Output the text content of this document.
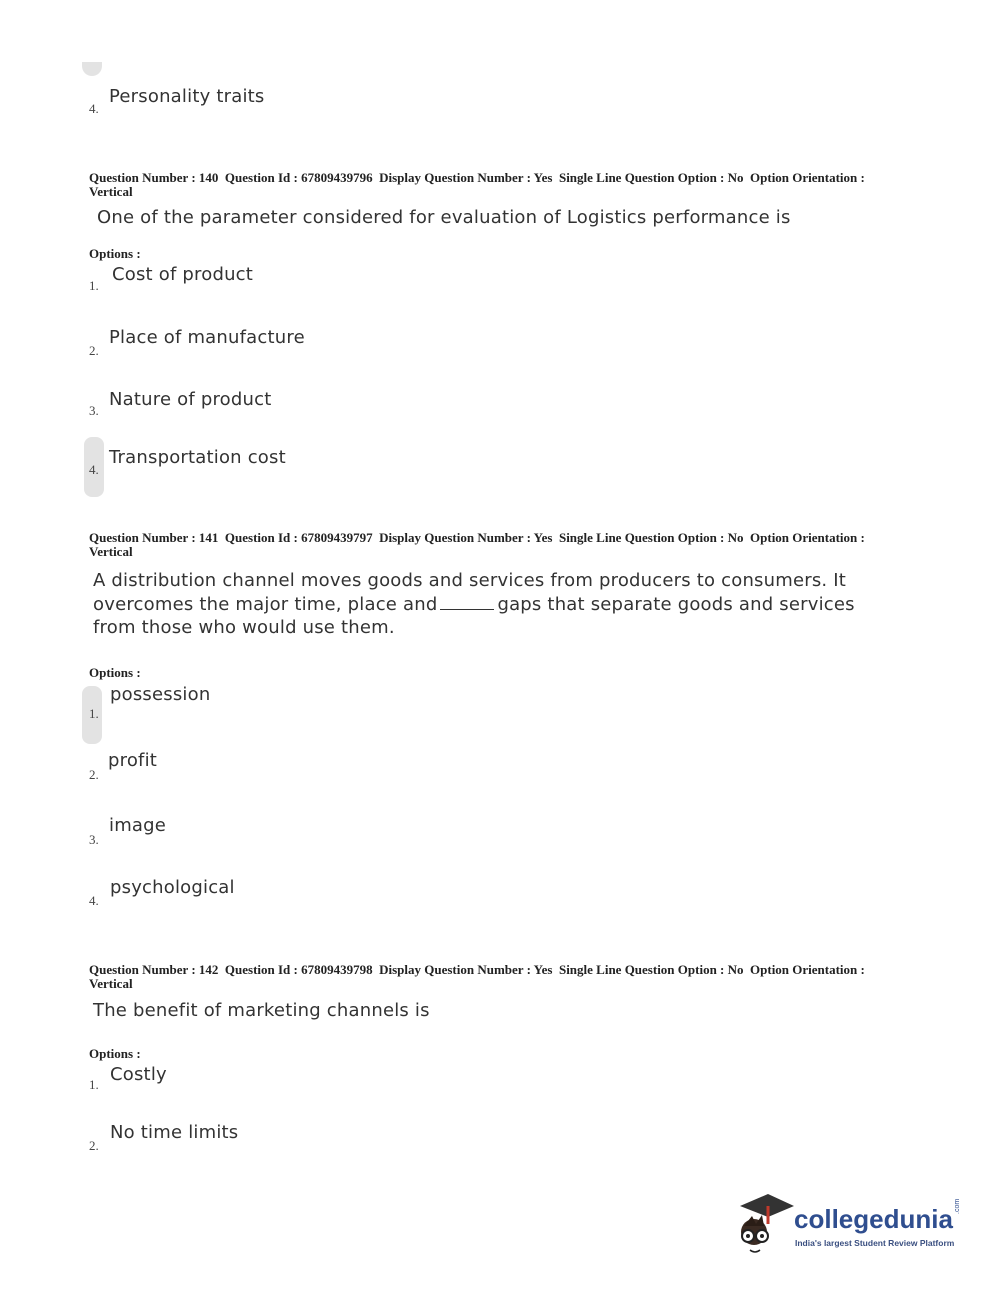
4.
Personality traits
Question Number : 140  Question Id : 67809439796  Display Question Number : Yes  Single Line Question Option : No  Option Orientation : Vertical
One of the parameter considered for evaluation of Logistics performance is
Options :
1.
Cost of product
2.
Place of manufacture
3.
Nature of product
4.
Transportation cost
Question Number : 141  Question Id : 67809439797  Display Question Number : Yes  Single Line Question Option : No  Option Orientation : Vertical
A distribution channel moves goods and services from producers to consumers. It
overcomes the major time, place and	gaps that separate goods and services
from those who would use them.
Options :
1.
possession
2.
profit
3.
image
4.
psychological
Question Number : 142  Question Id : 67809439798  Display Question Number : Yes  Single Line Question Option : No  Option Orientation : Vertical
The benefit of marketing channels is
Options :
1. Costly
2.
No time limits
collegedunia .com
India's largest Student Review Platform
